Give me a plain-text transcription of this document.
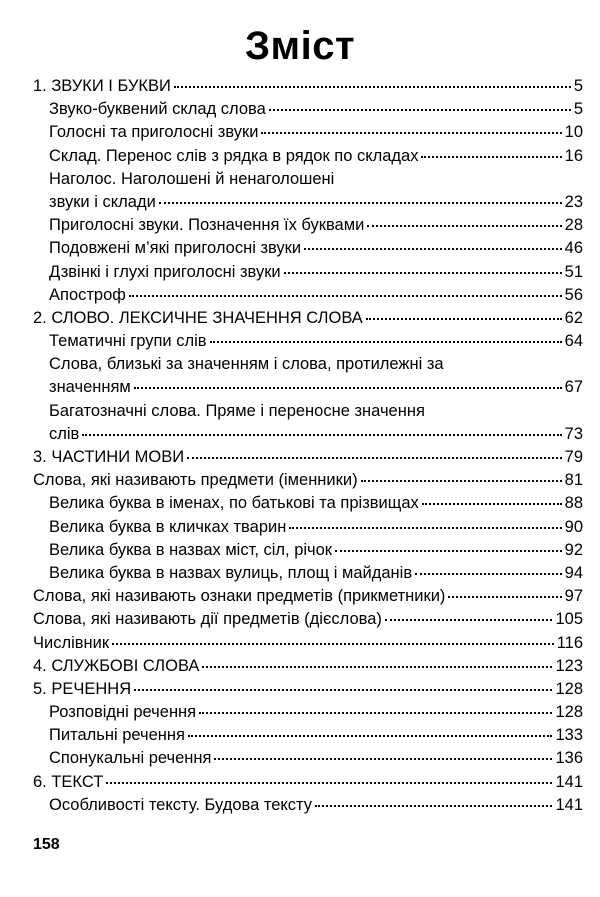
Зміст
1. ЗВУКИ І БУКВИ	5
Звуко-буквений склад слова	5
Голосні та приголосні звуки	10
Склад. Перенос слів з рядка в рядок по складах	16
Наголос. Наголошені й ненаголошені
звуки і склади	23
Приголосні звуки. Позначення їх буквами	28
Подовжені м’які приголосні звуки	46
Дзвінкі і глухі приголосні звуки	51
Апостроф	56
2. СЛОВО. ЛЕКСИЧНЕ ЗНАЧЕННЯ СЛОВА	62
Тематичні групи слів	64
Слова, близькі за значенням і слова, протилежні за
значенням	67
Багатозначні слова. Пряме і переносне значення
слів	73
3. ЧАСТИНИ МОВИ	79
Слова, які називають предмети (іменники)	81
Велика буква в іменах, по батькові та прізвищах	88
Велика буква в кличках тварин	90
Велика буква в назвах міст, сіл, річок	92
Велика буква в назвах вулиць, площ і майданів	94
Слова, які називають ознаки предметів (прикметники)	97
Слова, які називають дії предметів (дієслова)	105
Числівник	116
4. СЛУЖБОВІ СЛОВА	123
5. РЕЧЕННЯ	128
Розповідні речення	128
Питальні речення	133
Спонукальні речення	136
6. ТЕКСТ	141
Особливості тексту. Будова тексту	141
158
